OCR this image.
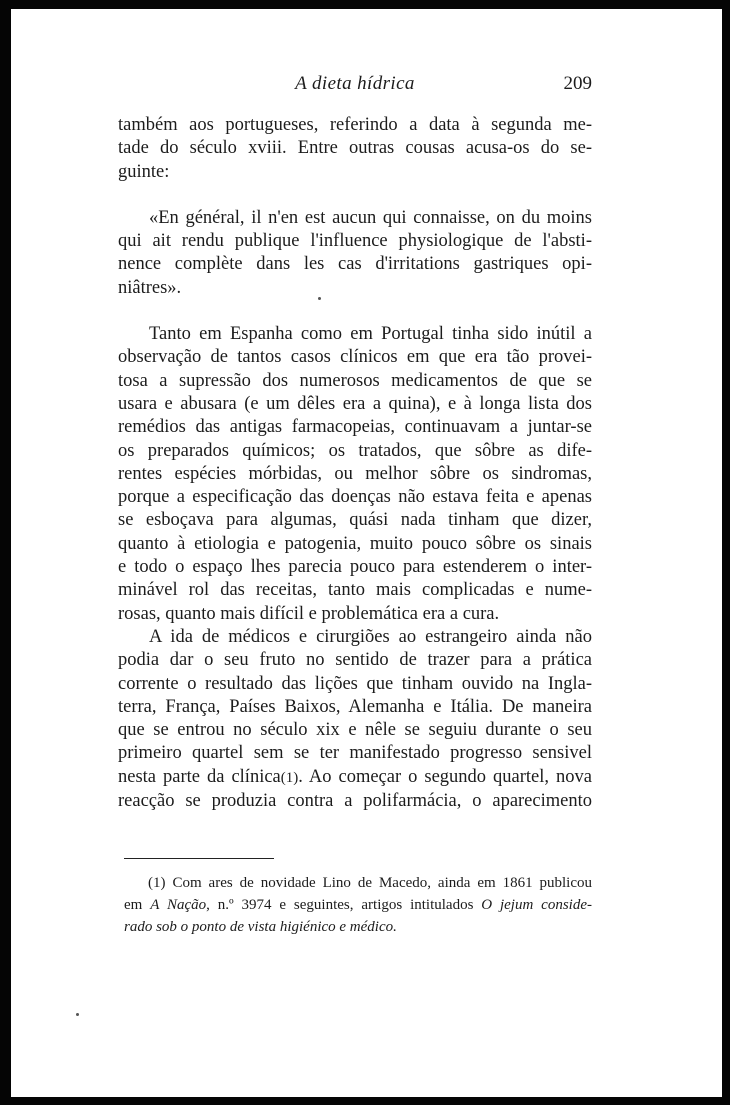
A dieta hídrica	209
também aos portugueses, referindo a data à segunda me-
tade do século xviii. Entre outras cousas acusa-os do se-
guinte:
«En général, il n'en est aucun qui connaisse, on du moins
qui ait rendu publique l'influence physiologique de l'absti-
nence complète dans les cas d'irritations gastriques opi-
niâtres».
Tanto em Espanha como em Portugal tinha sido inútil a
observação de tantos casos clínicos em que era tão provei-
tosa a supressão dos numerosos medicamentos de que se
usara e abusara (e um dêles era a quina), e à longa lista dos
remédios das antigas farmacopeias, continuavam a juntar-se
os preparados químicos; os tratados, que sôbre as dife-
rentes espécies mórbidas, ou melhor sôbre os sindromas,
porque a especificação das doenças não estava feita e apenas
se esboçava para algumas, quási nada tinham que dizer,
quanto à etiologia e patogenia, muito pouco sôbre os sinais
e todo o espaço lhes parecia pouco para estenderem o inter-
minável rol das receitas, tanto mais complicadas e nume-
rosas, quanto mais difícil e problemática era a cura.
A ida de médicos e cirurgiões ao estrangeiro ainda não
podia dar o seu fruto no sentido de trazer para a prática
corrente o resultado das lições que tinham ouvido na Ingla-
terra, França, Países Baixos, Alemanha e Itália. De maneira
que se entrou no século xix e nêle se seguiu durante o seu
primeiro quartel sem se ter manifestado progresso sensivel
nesta parte da clínica(1). Ao começar o segundo quartel, nova
reacção se produzia contra a polifarmácia, o aparecimento
(1) Com ares de novidade Lino de Macedo, ainda em 1861 publicou
em A Nação, n.º 3974 e seguintes, artigos intitulados O jejum conside-
rado sob o ponto de vista higiénico e médico.
